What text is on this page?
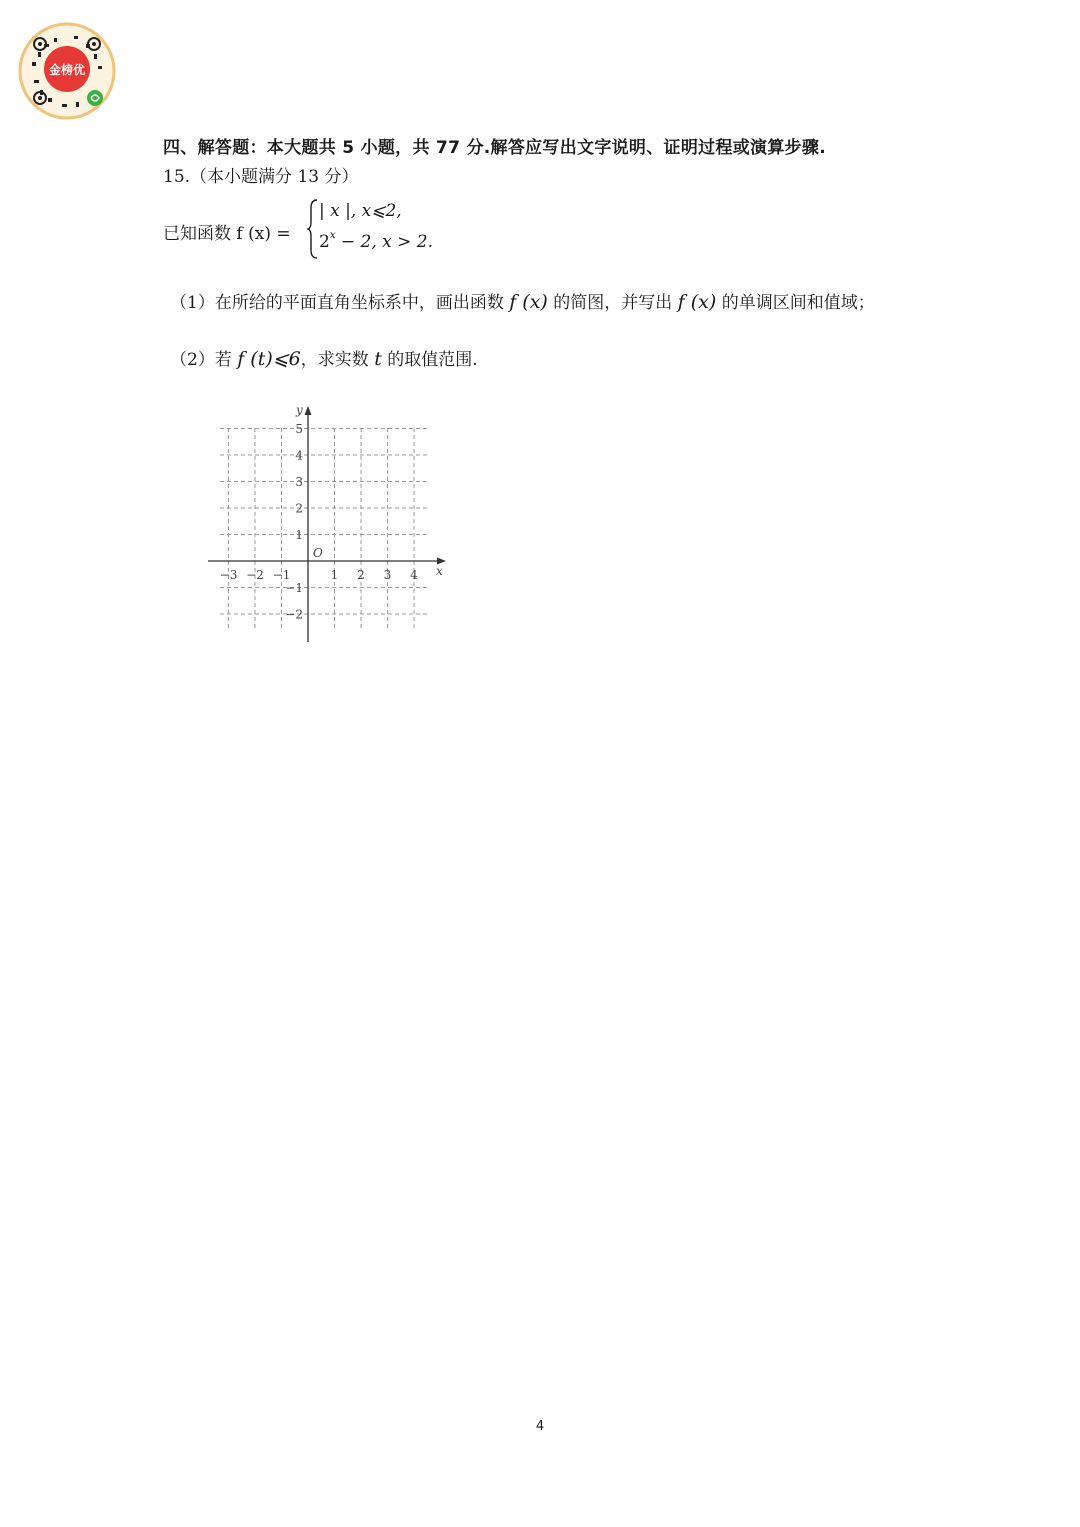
金榜优
四、解答题：本大题共 5 小题，共 77 分.解答应写出文字说明、证明过程或演算步骤.
15.（本小题满分 13 分）
已知函数 f (x) =
| x |, x⩽2,
$2^x - 2$, x > 2.
（1）在所给的平面直角坐标系中，画出函数 f (x) 的简图，并写出 f (x) 的单调区间和值域；
（2）若 f (t)⩽6，求实数 t 的取值范围.
−3 −2 −1	1 2 3 4
5
4
3
2
1
−1
−2
O
x
y
4
